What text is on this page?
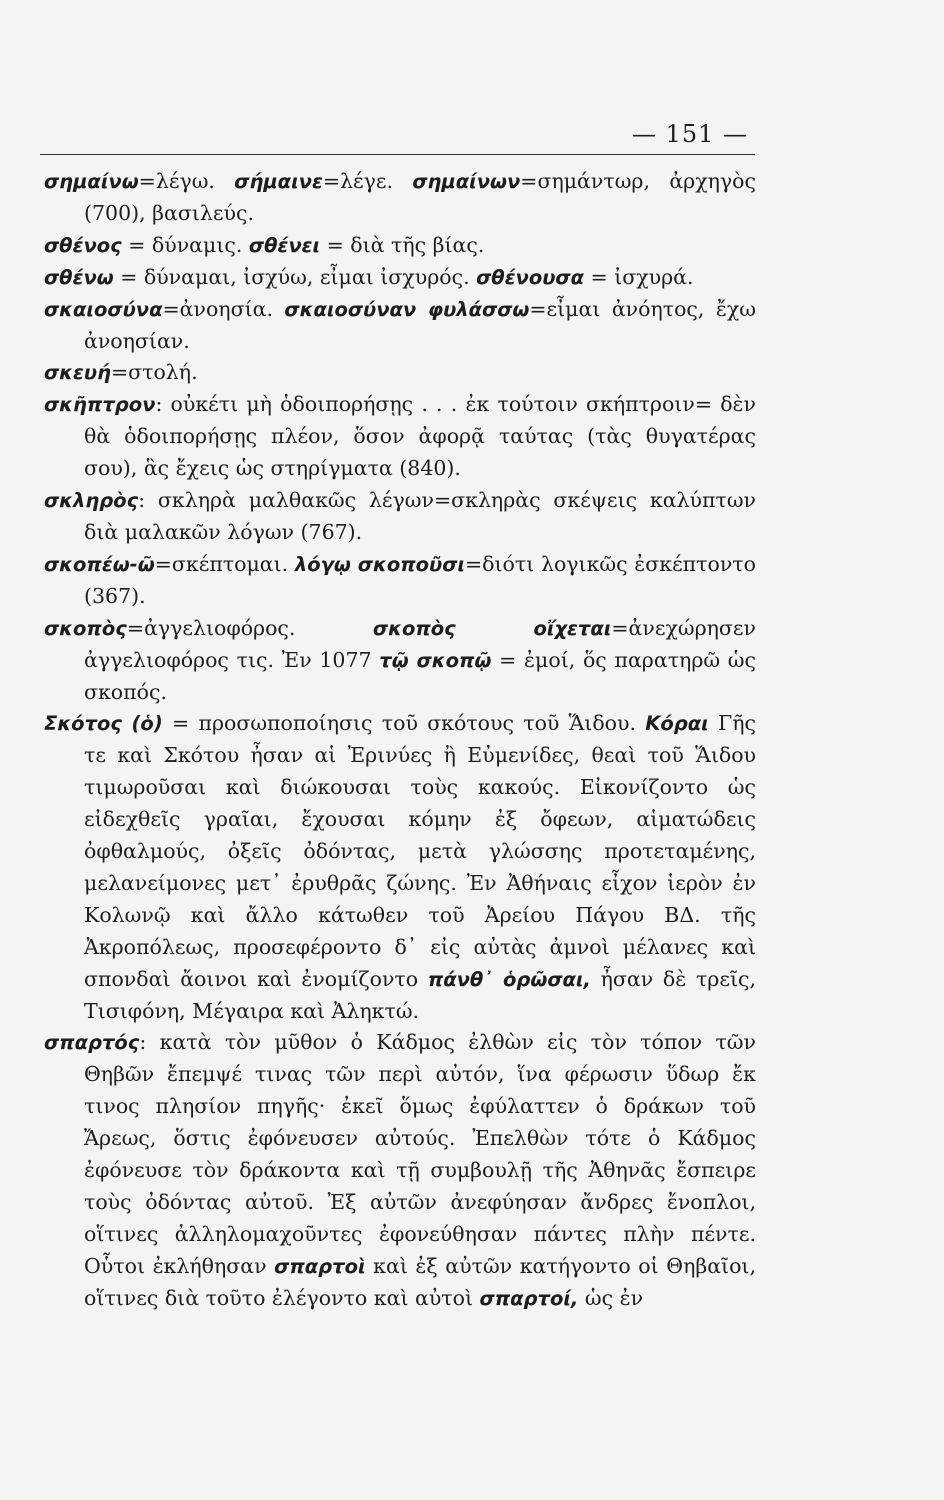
— 151 —

σημαίνω=λέγω. σήμαινε=λέγε. σημαίνων=σημάντωρ, ἀρχηγὸς (700), βασιλεύς.

σθένος = δύναμις. σθένει = διὰ τῆς βίας.

σθένω = δύναμαι, ἰσχύω, εἶμαι ἰσχυρός. σθένουσα = ἰσχυρά.

σκαιοσύνα=ἀνοησία. σκαιοσύναν φυλάσσω=εἶμαι ἀνόητος, ἔχω ἀνοησίαν.

σκευή=στολή.

σκῆπτρον: οὐκέτι μὴ ὁδοιπορήσῃς . . . ἐκ τούτοιν σκήπτροιν= δὲν θὰ ὁδοιπορήσῃς πλέον, ὅσον ἀφορᾷ ταύτας (τὰς θυγατέρας σου), ἃς ἔχεις ὡς στηρίγματα (840).

σκληρὸς: σκληρὰ μαλθακῶς λέγων=σκληρὰς σκέψεις καλύπτων διὰ μαλακῶν λόγων (767).

σκοπέω-ῶ=σκέπτομαι. λόγῳ σκοποῦσι=διότι λογικῶς ἐσκέπτοντο (367).

σκοπὸς=ἀγγελιοφόρος. σκοπὸς οἴχεται=ἀνεχώρησεν ἀγγελιοφόρος τις. Ἐν 1077 τῷ σκοπῷ = ἐμοί, ὅς παρατηρῶ ὡς σκοπός.

Σκότος (ὁ) = προσωποποίησις τοῦ σκότους τοῦ Ἅιδου. Κόραι Γῆς τε καὶ Σκότου ἦσαν αἱ Ἐρινύες ἢ Εὐμενίδες, θεαὶ τοῦ Ἅιδου τιμωροῦσαι καὶ διώκουσαι τοὺς κακούς. Εἰκονίζοντο ὡς εἰδεχθεῖς γραῖαι, ἔχουσαι κόμην ἐξ ὄφεων, αἱματώδεις ὀφθαλμούς, ὀξεῖς ὀδόντας, μετὰ γλώσσης προτεταμένης, μελανείμονες μετ᾽ ἐρυθρᾶς ζώνης. Ἐν Ἀθήναις εἶχον ἱερὸν ἐν Κολωνῷ καὶ ἄλλο κάτωθεν τοῦ Ἀρείου Πάγου ΒΔ. τῆς Ἀκροπόλεως, προσεφέροντο δ᾽ εἰς αὐτὰς ἀμνοὶ μέλανες καὶ σπονδαὶ ἄοινοι καὶ ἐνομίζοντο πάνθ᾽ ὁρῶσαι, ἦσαν δὲ τρεῖς, Τισιφόνη, Μέγαιρα καὶ Ἀληκτώ.

σπαρτός: κατὰ τὸν μῦθον ὁ Κάδμος ἐλθὼν εἰς τὸν τόπον τῶν Θηβῶν ἔπεμψέ τινας τῶν περὶ αὐτόν, ἵνα φέρωσιν ὕδωρ ἔκ τινος πλησίον πηγῆς· ἐκεῖ ὅμως ἐφύλαττεν ὁ δράκων τοῦ Ἄρεως, ὅστις ἐφόνευσεν αὐτούς. Ἐπελθὼν τότε ὁ Κάδμος ἐφόνευσε τὸν δράκοντα καὶ τῇ συμβουλῇ τῆς Ἀθηνᾶς ἔσπειρε τοὺς ὀδόντας αὐτοῦ. Ἐξ αὐτῶν ἀνεφύησαν ἄνδρες ἔνοπλοι, οἵτινες ἀλληλομαχοῦντες ἐφονεύθησαν πάντες πλὴν πέντε. Οὗτοι ἐκλήθησαν σπαρτοὶ καὶ ἐξ αὐτῶν κατήγοντο οἱ Θηβαῖοι, οἵτινες διὰ τοῦτο ἐλέγοντο καὶ αὐτοὶ σπαρτοί, ὡς ἐν
